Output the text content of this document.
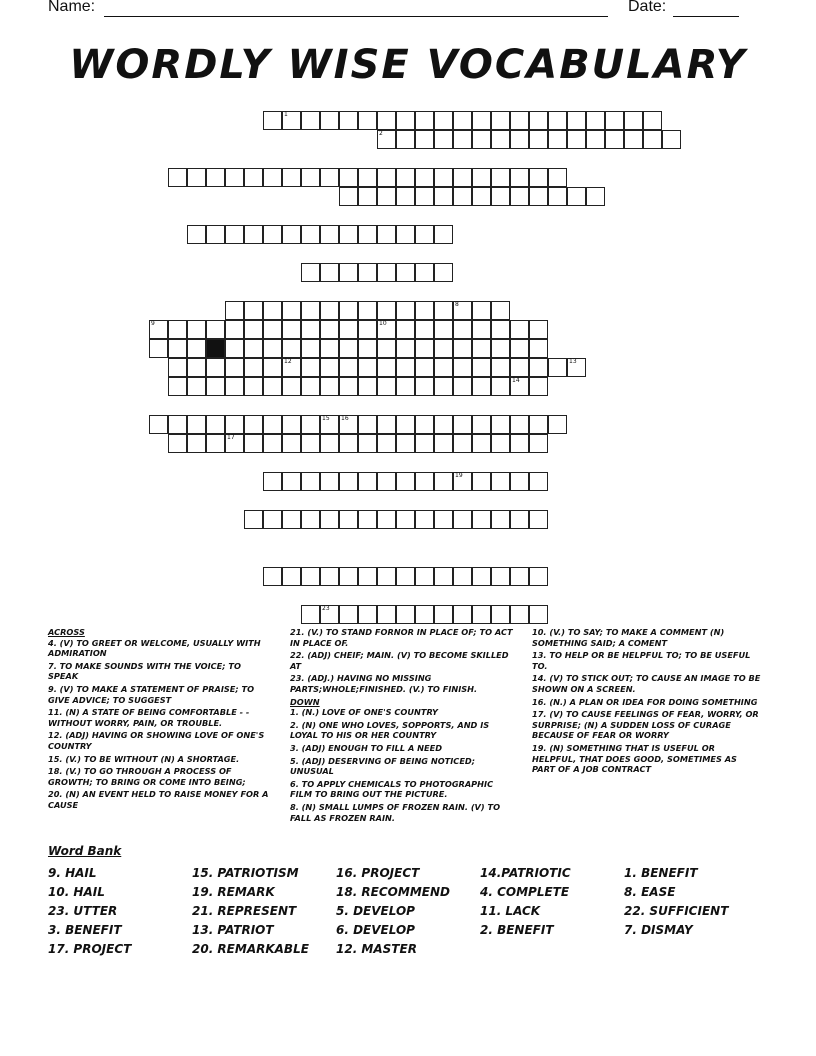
Name:	Date:
WORDLY WISE VOCABULARY
1
2
8
9	10
12	13
14
15 16
17
19
23

ACROSS

4. (V) TO GREET OR WELCOME, USUALLY WITH ADMIRATION

7. TO MAKE SOUNDS WITH THE VOICE; TO SPEAK

9. (V) TO MAKE A STATEMENT OF PRAISE; TO GIVE ADVICE; TO SUGGEST

11. (N) A STATE OF BEING COMFORTABLE - -WITHOUT WORRY, PAIN, OR TROUBLE.

12. (ADJ) HAVING OR SHOWING LOVE OF ONE'S COUNTRY

15. (V.) TO BE WITHOUT (N) A SHORTAGE.

18. (V.) TO GO THROUGH A PROCESS OF GROWTH; TO BRING OR COME INTO BEING;

20. (N) AN EVENT HELD TO RAISE MONEY FOR A CAUSE

21. (V.) TO STAND FORNOR IN PLACE OF; TO ACT IN PLACE OF.

22. (ADJ) CHEIF; MAIN. (V) TO BECOME SKILLED AT

23. (ADJ.) HAVING NO MISSING PARTS;WHOLE;FINISHED. (V.) TO FINISH.

DOWN

1. (N.) LOVE OF ONE'S COUNTRY

2. (N) ONE WHO LOVES, SOPPORTS, AND IS LOYAL TO HIS OR HER COUNTRY

3. (ADJ) ENOUGH TO FILL A NEED

5. (ADJ) DESERVING OF BEING NOTICED; UNUSUAL

6. TO APPLY CHEMICALS TO PHOTOGRAPHIC FILM TO BRING OUT THE PICTURE.

8. (N) SMALL LUMPS OF FROZEN RAIN. (V) TO FALL AS FROZEN RAIN.

10. (V.) TO SAY; TO MAKE A COMMENT (N) SOMETHING SAID; A COMENT

13. TO HELP OR BE HELPFUL TO; TO BE USEFUL TO.

14. (V) TO STICK OUT; TO CAUSE AN IMAGE TO BE SHOWN ON A SCREEN.

16. (N.) A PLAN OR IDEA FOR DOING SOMETHING

17. (V) TO CAUSE FEELINGS OF FEAR, WORRY, OR SURPRISE; (N) A SUDDEN LOSS OF CURAGE BECAUSE OF FEAR OR WORRY

19. (N) SOMETHING THAT IS USEFUL OR HELPFUL, THAT DOES GOOD, SOMETIMES AS PART OF A JOB CONTRACT

Word Bank
9. HAIL
10. HAIL
23. UTTER
3. BENEFIT
17. PROJECT
15. PATRIOTISM
19. REMARK
21. REPRESENT
13. PATRIOT
20. REMARKABLE
16. PROJECT
18. RECOMMEND
5. DEVELOP
6. DEVELOP
12. MASTER
14.PATRIOTIC
4. COMPLETE
11. LACK
2. BENEFIT
1. BENEFIT
8. EASE
22. SUFFICIENT
7. DISMAY
